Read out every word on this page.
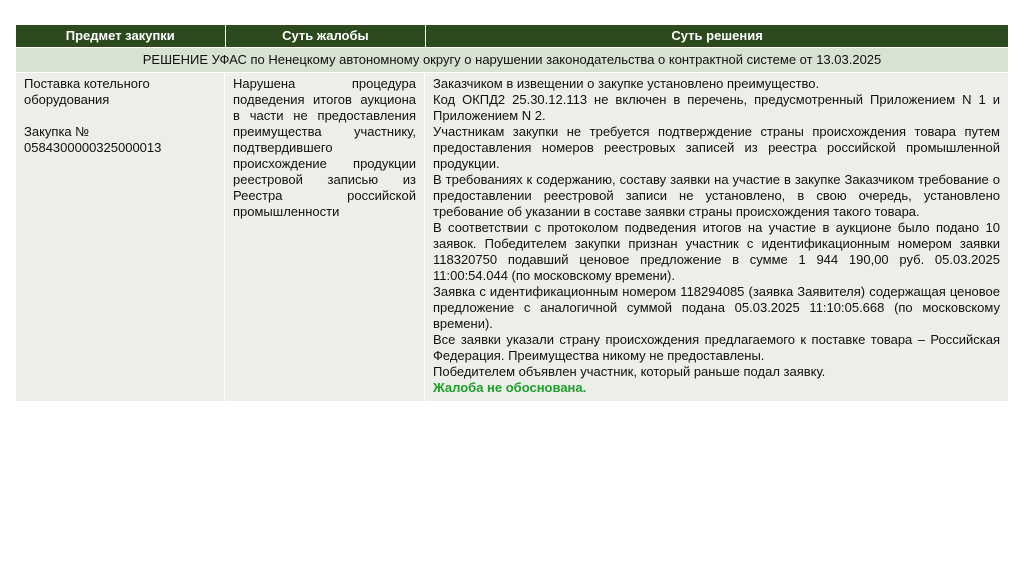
Предмет закупки	Суть жалобы	Суть решения
РЕШЕНИЕ УФАС по Ненецкому автономному округу о нарушении законодательства о контрактной системе от 13.03.2025

Поставка котельного оборудования

Закупка №

0584300000325000013

Нарушена процедура подведения итогов аукциона в части не предоставления преимущества участнику, подтвердившего происхождение продукции реестровой записью из Реестра российской промышленности

Заказчиком в извещении о закупке установлено преимущество.

Код ОКПД2 25.30.12.113 не включен в перечень, предусмотренный Приложением N 1 и Приложением N 2.

Участникам закупки не требуется подтверждение страны происхождения товара путем предоставления номеров реестровых записей из реестра российской промышленной продукции.

В требованиях к содержанию, составу заявки на участие в закупке Заказчиком требование о предоставлении реестровой записи не установлено, в свою очередь, установлено требование об указании в составе заявки страны происхождения такого товара.

В соответствии с протоколом подведения итогов на участие в аукционе было подано 10 заявок. Победителем закупки признан участник с идентификационным номером заявки 118320750 подавший ценовое предложение в сумме 1 944 190,00 руб. 05.03.2025 11:00:54.044 (по московскому времени).

Заявка с идентификационным номером 118294085 (заявка Заявителя) содержащая ценовое предложение с аналогичной суммой подана 05.03.2025 11:10:05.668 (по московскому времени).

Все заявки указали страну происхождения предлагаемого к поставке товара – Российская Федерация. Преимущества никому не предоставлены.

Победителем объявлен участник, который раньше подал заявку.

Жалоба не обоснована.
